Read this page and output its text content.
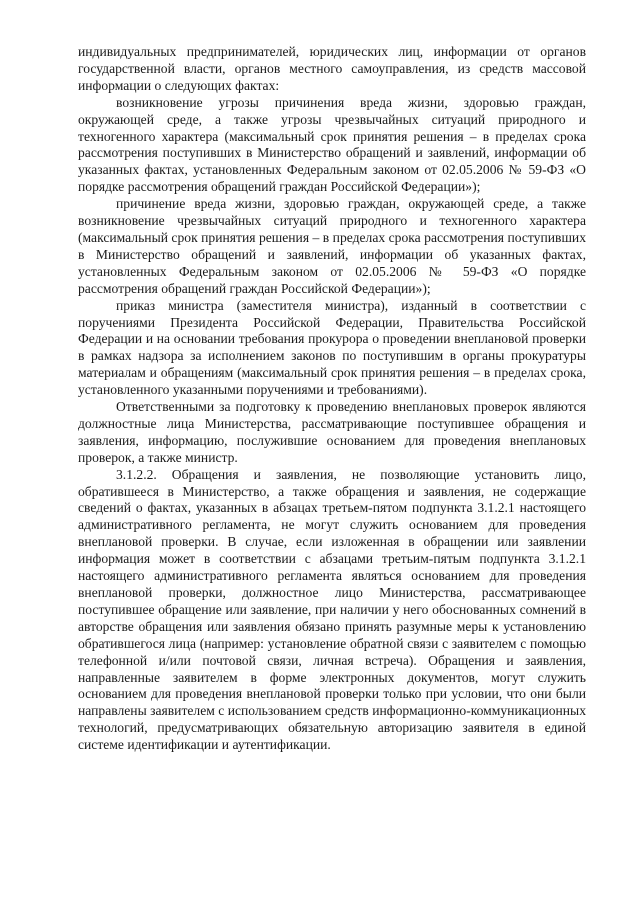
индивидуальных предпринимателей, юридических лиц, информации от органов государственной власти, органов местного самоуправления, из средств массовой информации о следующих фактах:

возникновение угрозы причинения вреда жизни, здоровью граждан, окружающей среде, а также угрозы чрезвычайных ситуаций природного и техногенного характера (максимальный срок принятия решения – в пределах срока рассмотрения поступивших в Министерство обращений и заявлений, информации об указанных фактах, установленных Федеральным законом от 02.05.2006 № 59-ФЗ «О порядке рассмотрения обращений граждан Российской Федерации»);

причинение вреда жизни, здоровью граждан, окружающей среде, а также возникновение чрезвычайных ситуаций природного и техногенного характера (максимальный срок принятия решения – в пределах срока рассмотрения поступивших в Министерство обращений и заявлений, информации об указанных фактах, установленных Федеральным законом от 02.05.2006 № 59-ФЗ «О порядке рассмотрения обращений граждан Российской Федерации»);

приказ министра (заместителя министра), изданный в соответствии с поручениями Президента Российской Федерации, Правительства Российской Федерации и на основании требования прокурора о проведении внеплановой проверки в рамках надзора за исполнением законов по поступившим в органы прокуратуры материалам и обращениям (максимальный срок принятия решения – в пределах срока, установленного указанными поручениями и требованиями).

Ответственными за подготовку к проведению внеплановых проверок являются должностные лица Министерства, рассматривающие поступившее обращения и заявления, информацию, послужившие основанием для проведения внеплановых проверок, а также министр.

3.1.2.2. Обращения и заявления, не позволяющие установить лицо, обратившееся в Министерство, а также обращения и заявления, не содержащие сведений о фактах, указанных в абзацах третьем-пятом подпункта 3.1.2.1 настоящего административного регламента, не могут служить основанием для проведения внеплановой проверки. В случае, если изложенная в обращении или заявлении информация может в соответствии с абзацами третьим-пятым подпункта 3.1.2.1 настоящего административного регламента являться основанием для проведения внеплановой проверки, должностное лицо Министерства, рассматривающее поступившее обращение или заявление, при наличии у него обоснованных сомнений в авторстве обращения или заявления обязано принять разумные меры к установлению обратившегося лица (например: установление обратной связи с заявителем с помощью телефонной и/или почтовой связи, личная встреча). Обращения и заявления, направленные заявителем в форме электронных документов, могут служить основанием для проведения внеплановой проверки только при условии, что они были направлены заявителем с использованием средств информационно-коммуникационных технологий, предусматривающих обязательную авторизацию заявителя в единой системе идентификации и аутентификации.
